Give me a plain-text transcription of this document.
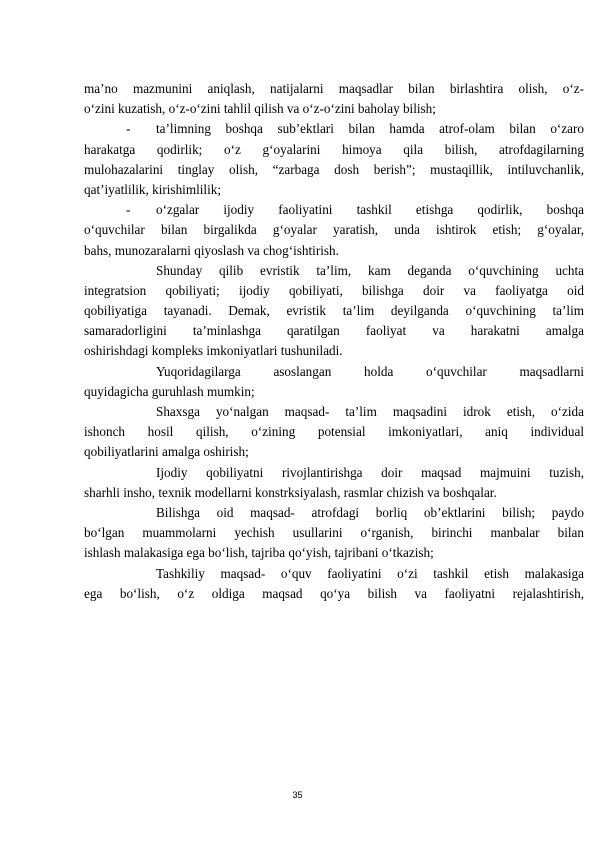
ma’no mazmunini aniqlash, natijalarni maqsadlar bilan birlashtira olish, o‘z-
o‘zini kuzatish, o‘z-o‘zini tahlil qilish va o‘z-o‘zini baholay bilish;
- ta’limning boshqa sub’ektlari bilan hamda atrof-olam bilan o‘zaro
harakatga qodirlik; o‘z g‘oyalarini himoya qila bilish, atrofdagilarning
mulohazalarini tinglay olish, “zarbaga dosh berish”; mustaqillik, intiluvchanlik,
qat’iyatlilik, kirishimlilik;
- o‘zgalar ijodiy faoliyatini tashkil etishga qodirlik, boshqa
o‘quvchilar bilan birgalikda g‘oyalar yaratish, unda ishtirok etish; g‘oyalar,
bahs, munozaralarni qiyoslash va chog‘ishtirish.
Shunday qilib evristik ta’lim, kam deganda o‘quvchining uchta
integratsion qobiliyati; ijodiy qobiliyati, bilishga doir va faoliyatga oid
qobiliyatiga tayanadi. Demak, evristik ta’lim deyilganda o‘quvchining ta’lim
samaradorligini ta’minlashga qaratilgan faoliyat va harakatni amalga
oshirishdagi kompleks imkoniyatlari tushuniladi.
Yuqoridagilarga asoslangan holda o‘quvchilar maqsadlarni
quyidagicha guruhlash mumkin;
Shaxsga yo‘nalgan maqsad- ta’lim maqsadini idrok etish, o‘zida
ishonch hosil qilish, o‘zining potensial imkoniyatlari, aniq individual
qobiliyatlarini amalga oshirish;
Ijodiy qobiliyatni rivojlantirishga doir maqsad majmuini tuzish,
sharhli insho, texnik modellarni konstrksiyalash, rasmlar chizish va boshqalar.
Bilishga oid maqsad- atrofdagi borliq ob’ektlarini bilish; paydo
bo‘lgan muammolarni yechish usullarini o‘rganish, birinchi manbalar bilan
ishlash malakasiga ega bo‘lish, tajriba qo‘yish, tajribani o‘tkazish;
Tashkiliy maqsad- o‘quv faoliyatini o‘zi tashkil etish malakasiga
ega bo‘lish, o‘z oldiga maqsad qo‘ya bilish va faoliyatni rejalashtirish,
35
